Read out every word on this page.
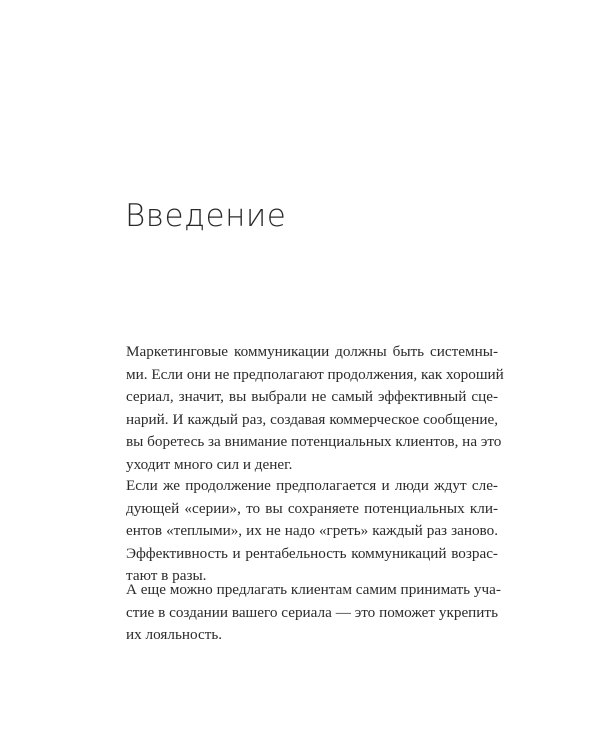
Введение
Маркетинговые коммуникации должны быть системны-
ми. Если они не предполагают продолжения, как хороший
сериал, значит, вы выбрали не самый эффективный сце-
нарий. И каждый раз, создавая коммерческое сообщение,
вы боретесь за внимание потенциальных клиентов, на это
уходит много сил и денег.
Если же продолжение предполагается и люди ждут сле-
дующей «серии», то вы сохраняете потенциальных кли-
ентов «теплыми», их не надо «греть» каждый раз заново.
Эффективность и рентабельность коммуникаций возрас-
тают в разы.
А еще можно предлагать клиентам самим принимать уча-
стие в создании вашего сериала — это поможет укрепить
их лояльность.
